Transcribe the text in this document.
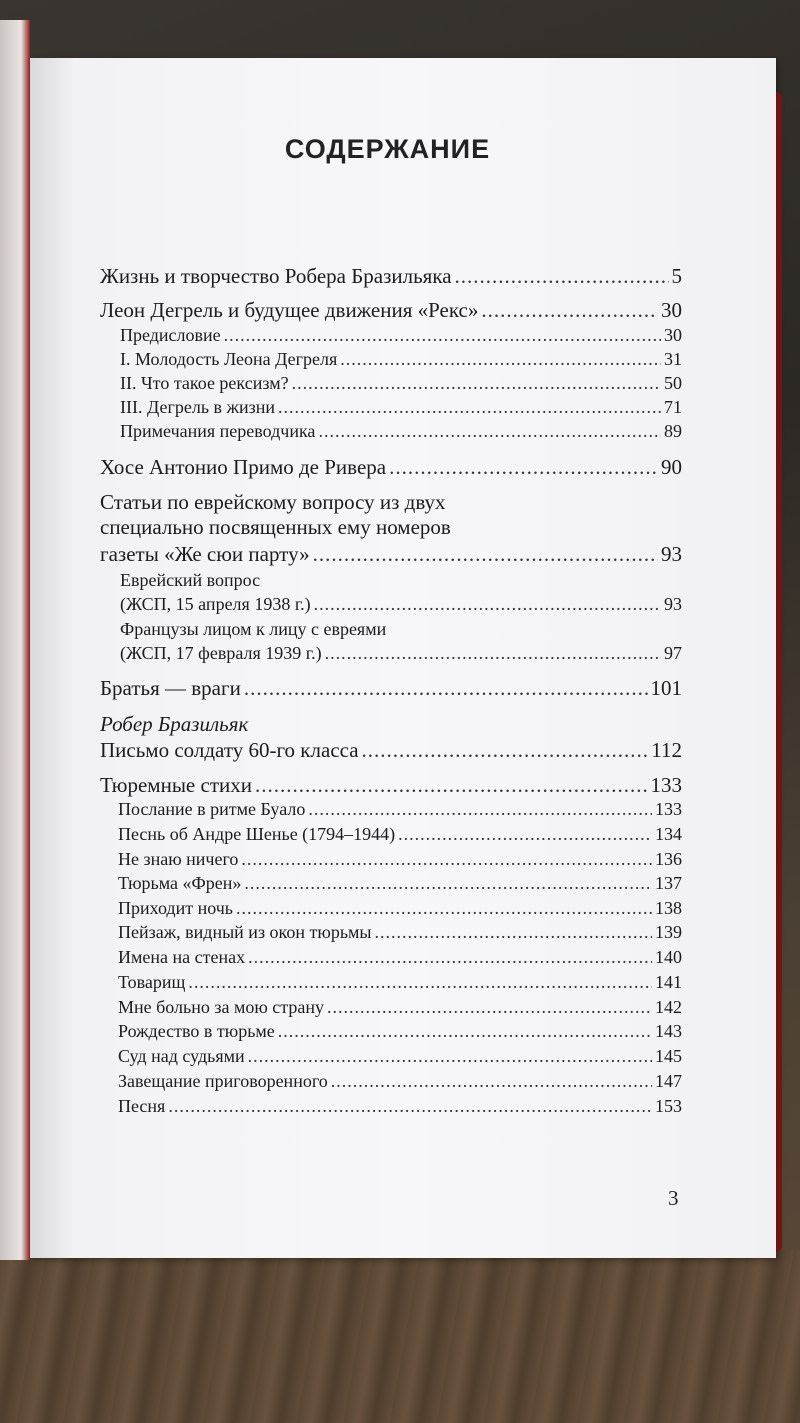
СОДЕРЖАНИЕ
Жизнь и творчество Робера Бразильяка .....	5
Леон Дегрель и будущее движения «Рекс» .....	30
Предисловие .....	30
I. Молодость Леона Дегреля .....	31
II. Что такое рексизм? .....	50
III. Дегрель в жизни .....	71
Примечания переводчика .....	89
Хосе Антонио Примо де Ривера .....	90
Статьи по еврейскому вопросу из двух
специально посвященных ему номеров
газеты «Же сюи парту» .....	93
Еврейский вопрос
(ЖСП, 15 апреля 1938 г.) .....	93
Французы лицом к лицу с евреями
(ЖСП, 17 февраля 1939 г.) .....	97
Братья — враги .....	101
Робер Бразильяк
Письмо солдату 60-го класса .....	112
Тюремные стихи .....	133
Послание в ритме Буало .....	133
Песнь об Андре Шенье (1794–1944) .....	134
Не знаю ничего .....	136
Тюрьма «Френ» .....	137
Приходит ночь .....	138
Пейзаж, видный из окон тюрьмы .....	139
Имена на стенах .....	140
Товарищ .....	141
Мне больно за мою страну .....	142
Рождество в тюрьме .....	143
Суд над судьями .....	145
Завещание приговоренного .....	147
Песня .....	153
3
